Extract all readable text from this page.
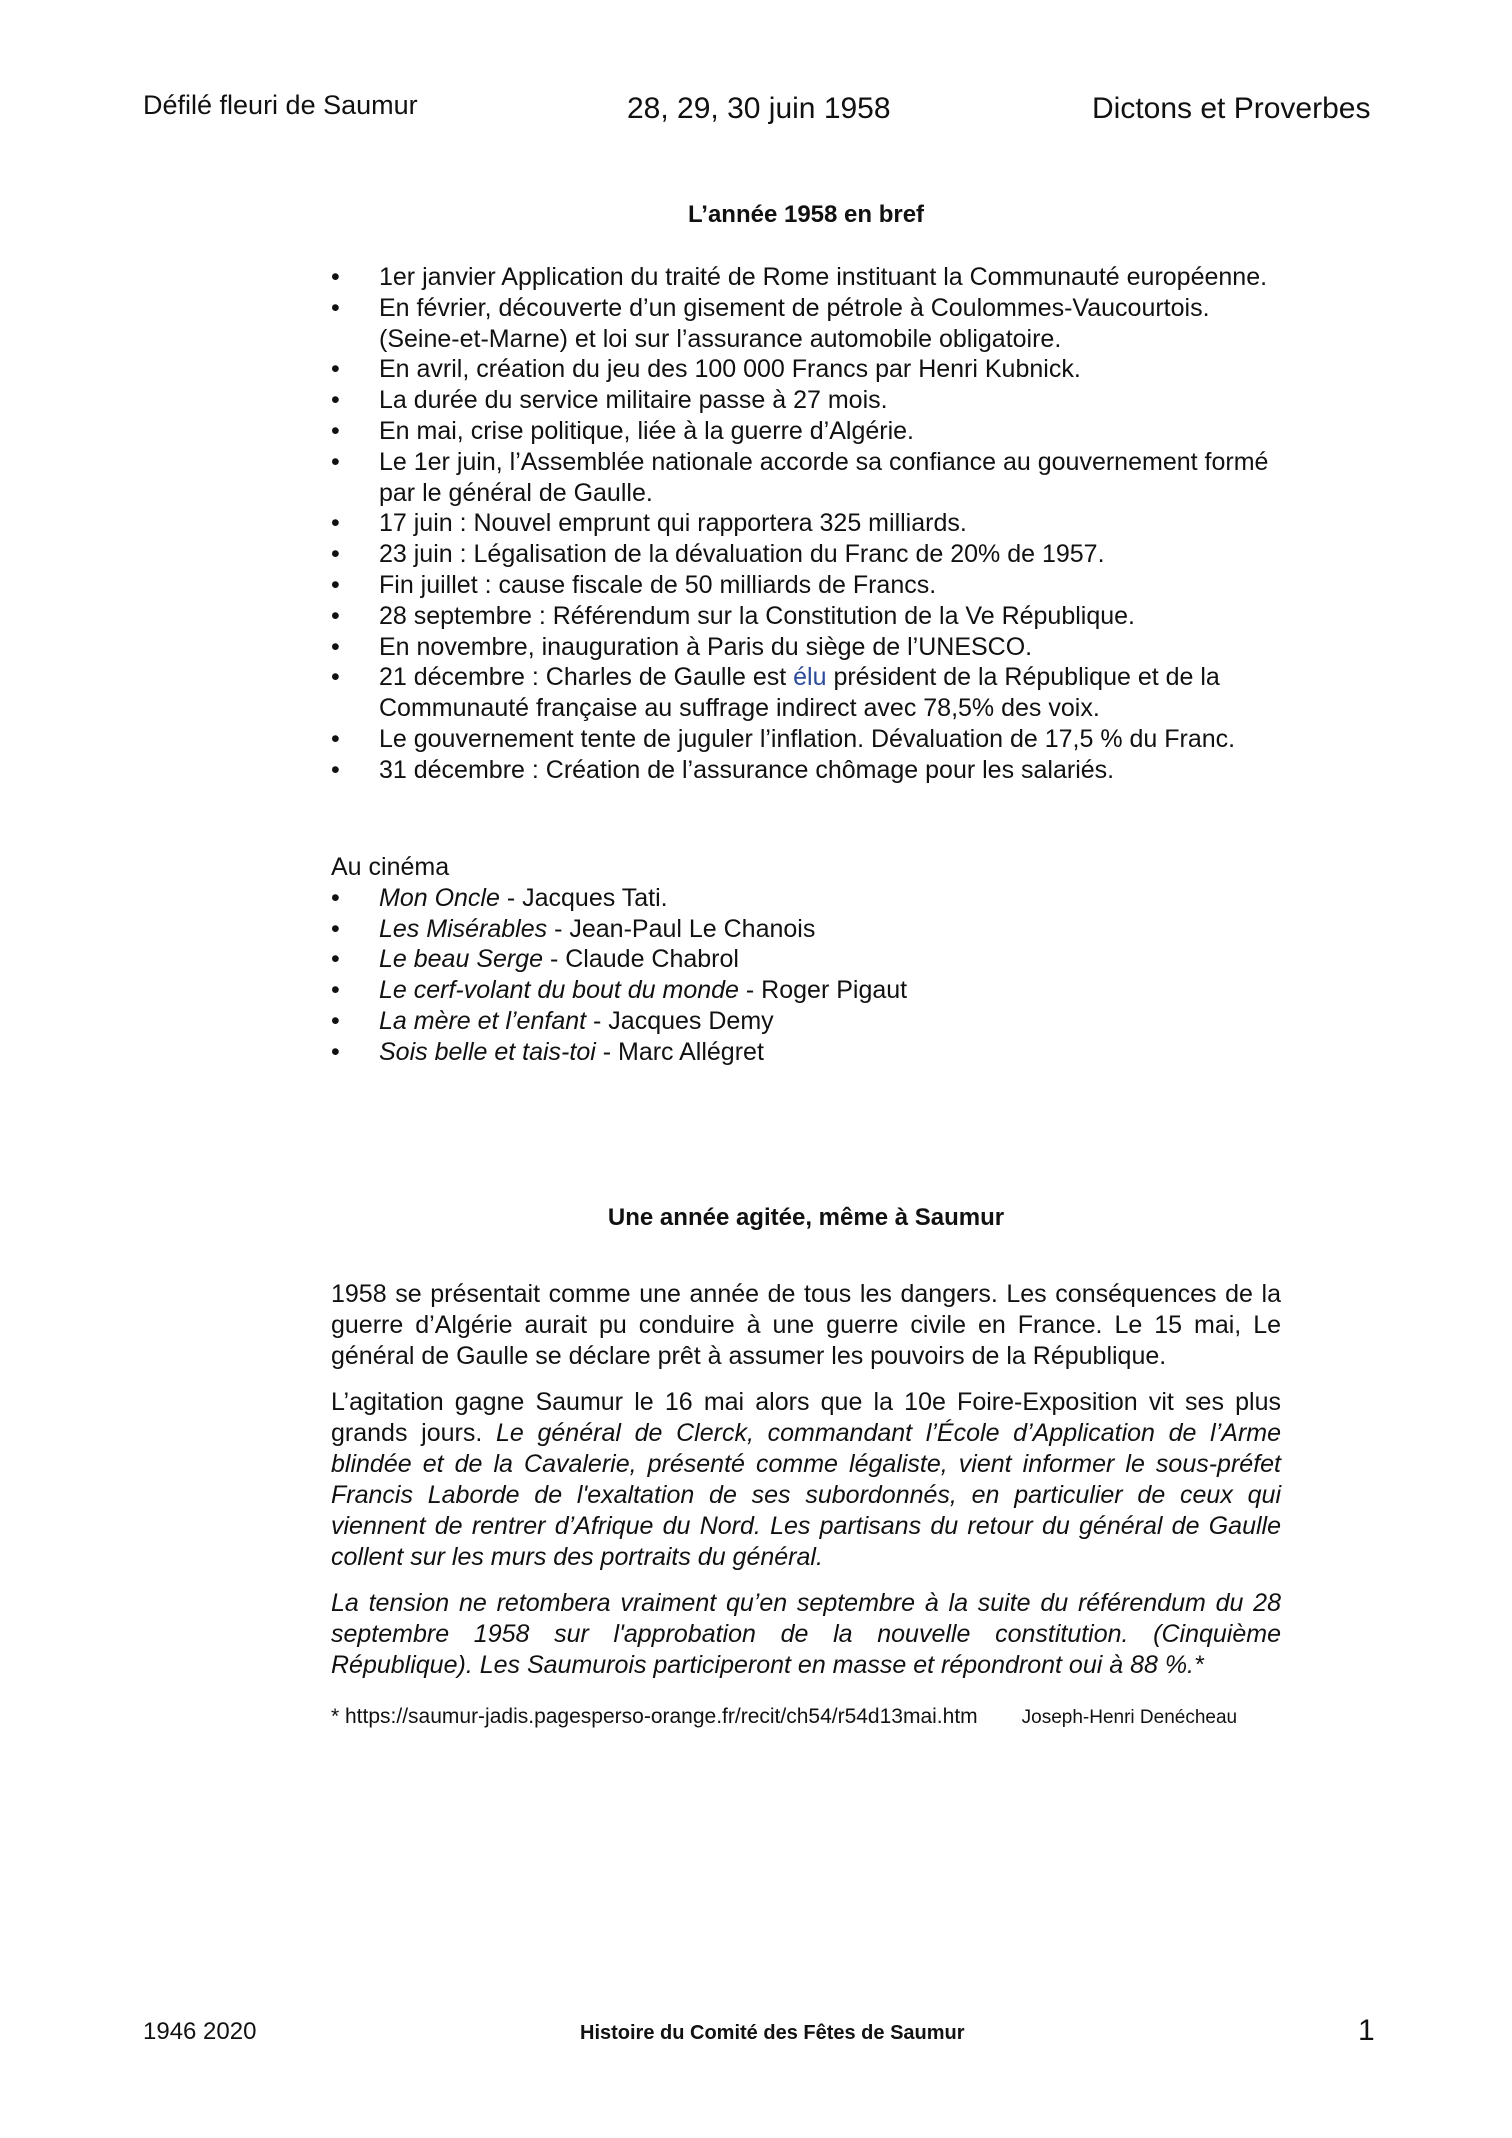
Défilé fleuri de Saumur	28, 29, 30 juin 1958	Dictons et Proverbes
L’année 1958 en bref
•	1er janvier Application du traité de Rome instituant la Communauté européenne.
•	En février, découverte d’un gisement de pétrole à Coulommes-Vaucourtois. (Seine-et-Marne) et loi sur l’assurance automobile obligatoire.
•	En avril, création du jeu des 100 000 Francs par Henri Kubnick.
•	La durée du service militaire passe à 27 mois.
•	En mai, crise politique, liée à la guerre d’Algérie.
•	Le 1er juin, l’Assemblée nationale accorde sa confiance au gouvernement formé par le général de Gaulle.
•	17 juin : Nouvel emprunt qui rapportera 325 milliards.
•	23 juin : Légalisation de la dévaluation du Franc de 20% de 1957.
•	Fin juillet : cause fiscale de 50 milliards de Francs.
•	28 septembre : Référendum sur la Constitution de la Ve République.
•	En novembre, inauguration à Paris du siège de l’UNESCO.
•	21 décembre : Charles de Gaulle est élu président de la République et de la Communauté française au suffrage indirect avec 78,5% des voix.
•	Le gouvernement tente de juguler l’inflation. Dévaluation de 17,5 % du Franc.
•	31 décembre : Création de l’assurance chômage pour les salariés.
Au cinéma
•	Mon Oncle - Jacques Tati.
•	Les Misérables - Jean-Paul Le Chanois
•	Le beau Serge - Claude Chabrol
•	Le cerf-volant du bout du monde - Roger Pigaut
•	La mère et l’enfant - Jacques Demy
•	Sois belle et tais-toi - Marc Allégret
Une année agitée, même à Saumur

1958 se présentait comme une année de tous les dangers. Les conséquences de la guerre d’Algérie aurait pu conduire à une guerre civile en France. Le 15 mai, Le général de Gaulle se déclare prêt à assumer les pouvoirs de la République.

L’agitation gagne Saumur le 16 mai alors que la 10e Foire-Exposition vit ses plus grands jours. Le général de Clerck, commandant l’École d’Application de l’Arme blindée et de la Cavalerie, présenté comme légaliste, vient informer le sous-préfet Francis Laborde de l'exaltation de ses subordonnés, en particulier de ceux qui viennent de rentrer d’Afrique du Nord. Les partisans du retour du général de Gaulle collent sur les murs des portraits du général.

La tension ne retombera vraiment qu’en septembre à la suite du référendum du 28 septembre 1958 sur l'approbation de la nouvelle constitution. (Cinquième République). Les Saumurois participeront en masse et répondront oui à 88 %.*

* https://saumur-jadis.pagesperso-orange.fr/recit/ch54/r54d13mai.htm Joseph-Henri Denécheau
1946 2020	Histoire du Comité des Fêtes de Saumur	1
